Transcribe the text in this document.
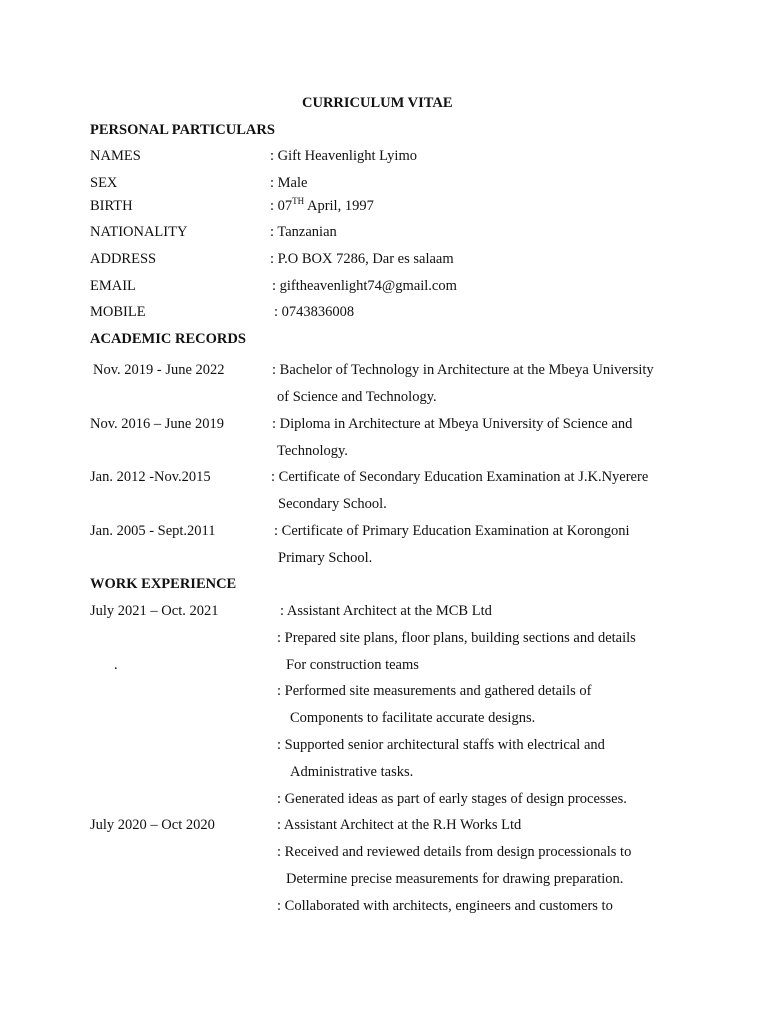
CURRICULUM VITAE
PERSONAL PARTICULARS
NAMES	: Gift Heavenlight Lyimo
SEX	: Male
BIRTH	: 07TH April, 1997
NATIONALITY	: Tanzanian
ADDRESS	: P.O BOX 7286, Dar es salaam
EMAIL	: giftheavenlight74@gmail.com
MOBILE	: 0743836008
ACADEMIC RECORDS
Nov. 2019 - June 2022	: Bachelor of Technology in Architecture at the Mbeya University
of Science and Technology.
Nov. 2016 – June 2019	: Diploma in Architecture at Mbeya University of Science and
Technology.
Jan. 2012 -Nov.2015	: Certificate of Secondary Education Examination at J.K.Nyerere
Secondary School.
Jan. 2005 - Sept.2011	: Certificate of Primary Education Examination at Korongoni
Primary School.
WORK EXPERIENCE
July 2021 – Oct. 2021	: Assistant Architect at the MCB Ltd
: Prepared site plans, floor plans, building sections and details
.	For construction teams
: Performed site measurements and gathered details of
Components to facilitate accurate designs.
: Supported senior architectural staffs with electrical and
Administrative tasks.
: Generated ideas as part of early stages of design processes.
July 2020 – Oct 2020	: Assistant Architect at the R.H Works Ltd
: Received and reviewed details from design processionals to
Determine precise measurements for drawing preparation.
: Collaborated with architects, engineers and customers to
